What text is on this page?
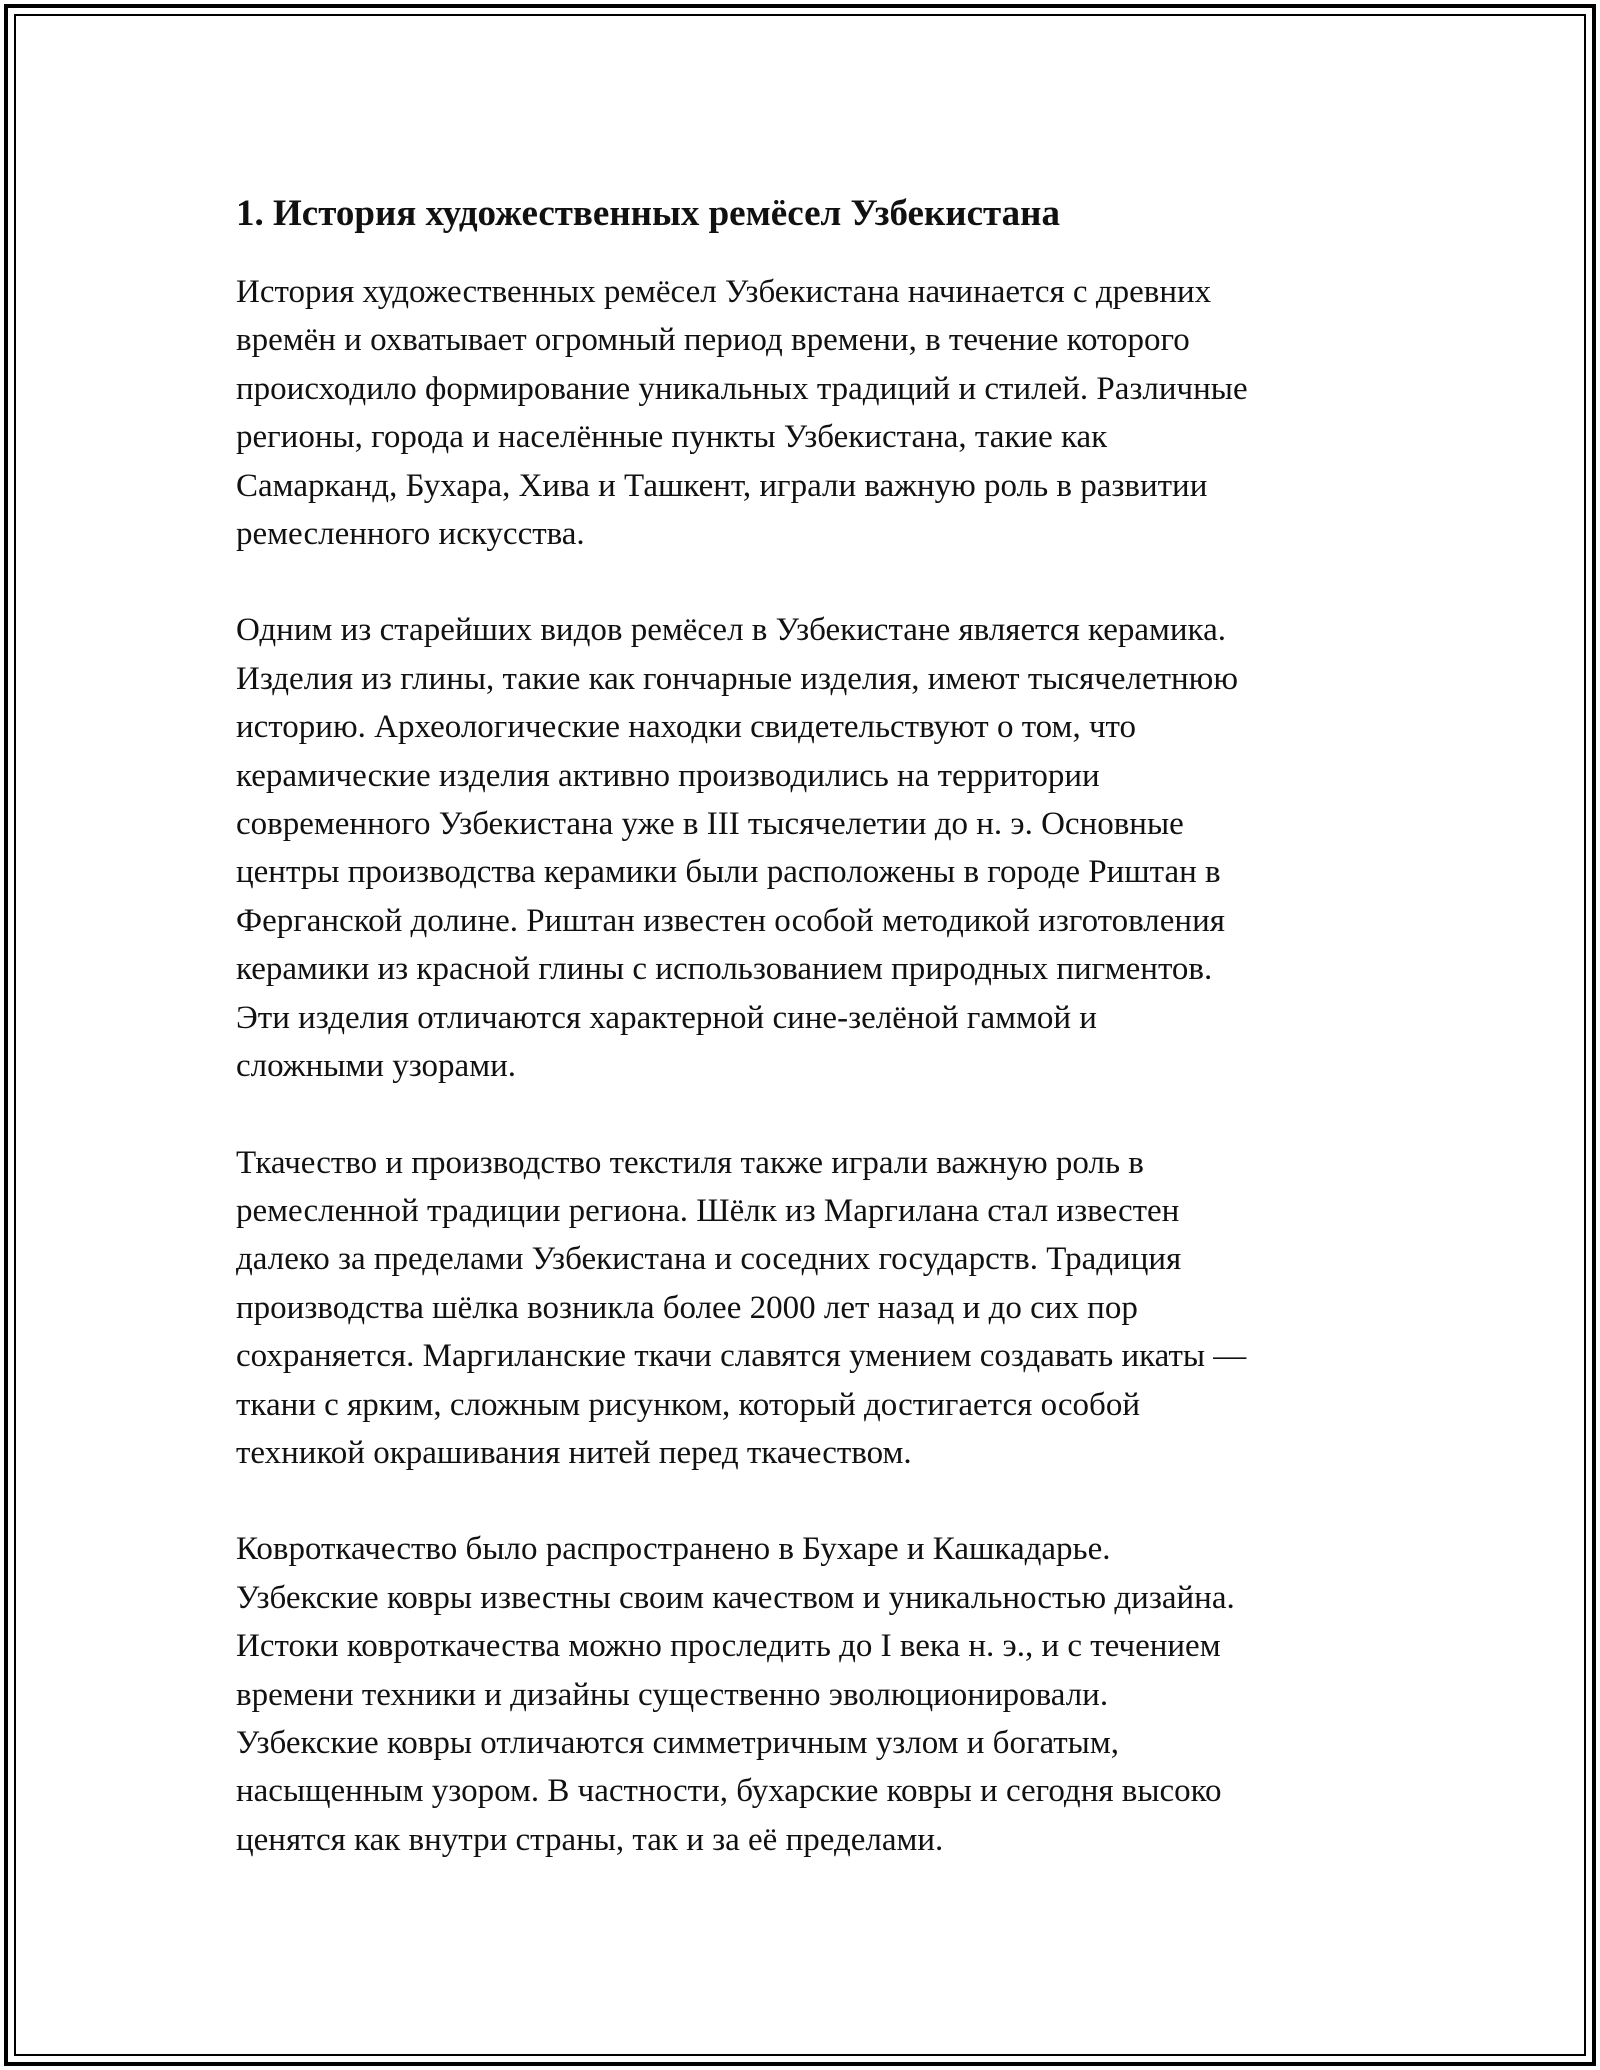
1. История художественных ремёсел Узбекистана

История художественных ремёсел Узбекистана начинается с древних
времён и охватывает огромный период времени, в течение которого
происходило формирование уникальных традиций и стилей. Различные
регионы, города и населённые пункты Узбекистана, такие как
Самарканд, Бухара, Хива и Ташкент, играли важную роль в развитии
ремесленного искусства.

Одним из старейших видов ремёсел в Узбекистане является керамика.
Изделия из глины, такие как гончарные изделия, имеют тысячелетнюю
историю. Археологические находки свидетельствуют о том, что
керамические изделия активно производились на территории
современного Узбекистана уже в III тысячелетии до н. э. Основные
центры производства керамики были расположены в городе Риштан в
Ферганской долине. Риштан известен особой методикой изготовления
керамики из красной глины с использованием природных пигментов.
Эти изделия отличаются характерной сине-зелёной гаммой и
сложными узорами.

Ткачество и производство текстиля также играли важную роль в
ремесленной традиции региона. Шёлк из Маргилана стал известен
далеко за пределами Узбекистана и соседних государств. Традиция
производства шёлка возникла более 2000 лет назад и до сих пор
сохраняется. Маргиланские ткачи славятся умением создавать икаты —
ткани с ярким, сложным рисунком, который достигается особой
техникой окрашивания нитей перед ткачеством.

Ковроткачество было распространено в Бухаре и Кашкадарье.
Узбекские ковры известны своим качеством и уникальностью дизайна.
Истоки ковроткачества можно проследить до I века н. э., и с течением
времени техники и дизайны существенно эволюционировали.
Узбекские ковры отличаются симметричным узлом и богатым,
насыщенным узором. В частности, бухарские ковры и сегодня высоко
ценятся как внутри страны, так и за её пределами.
